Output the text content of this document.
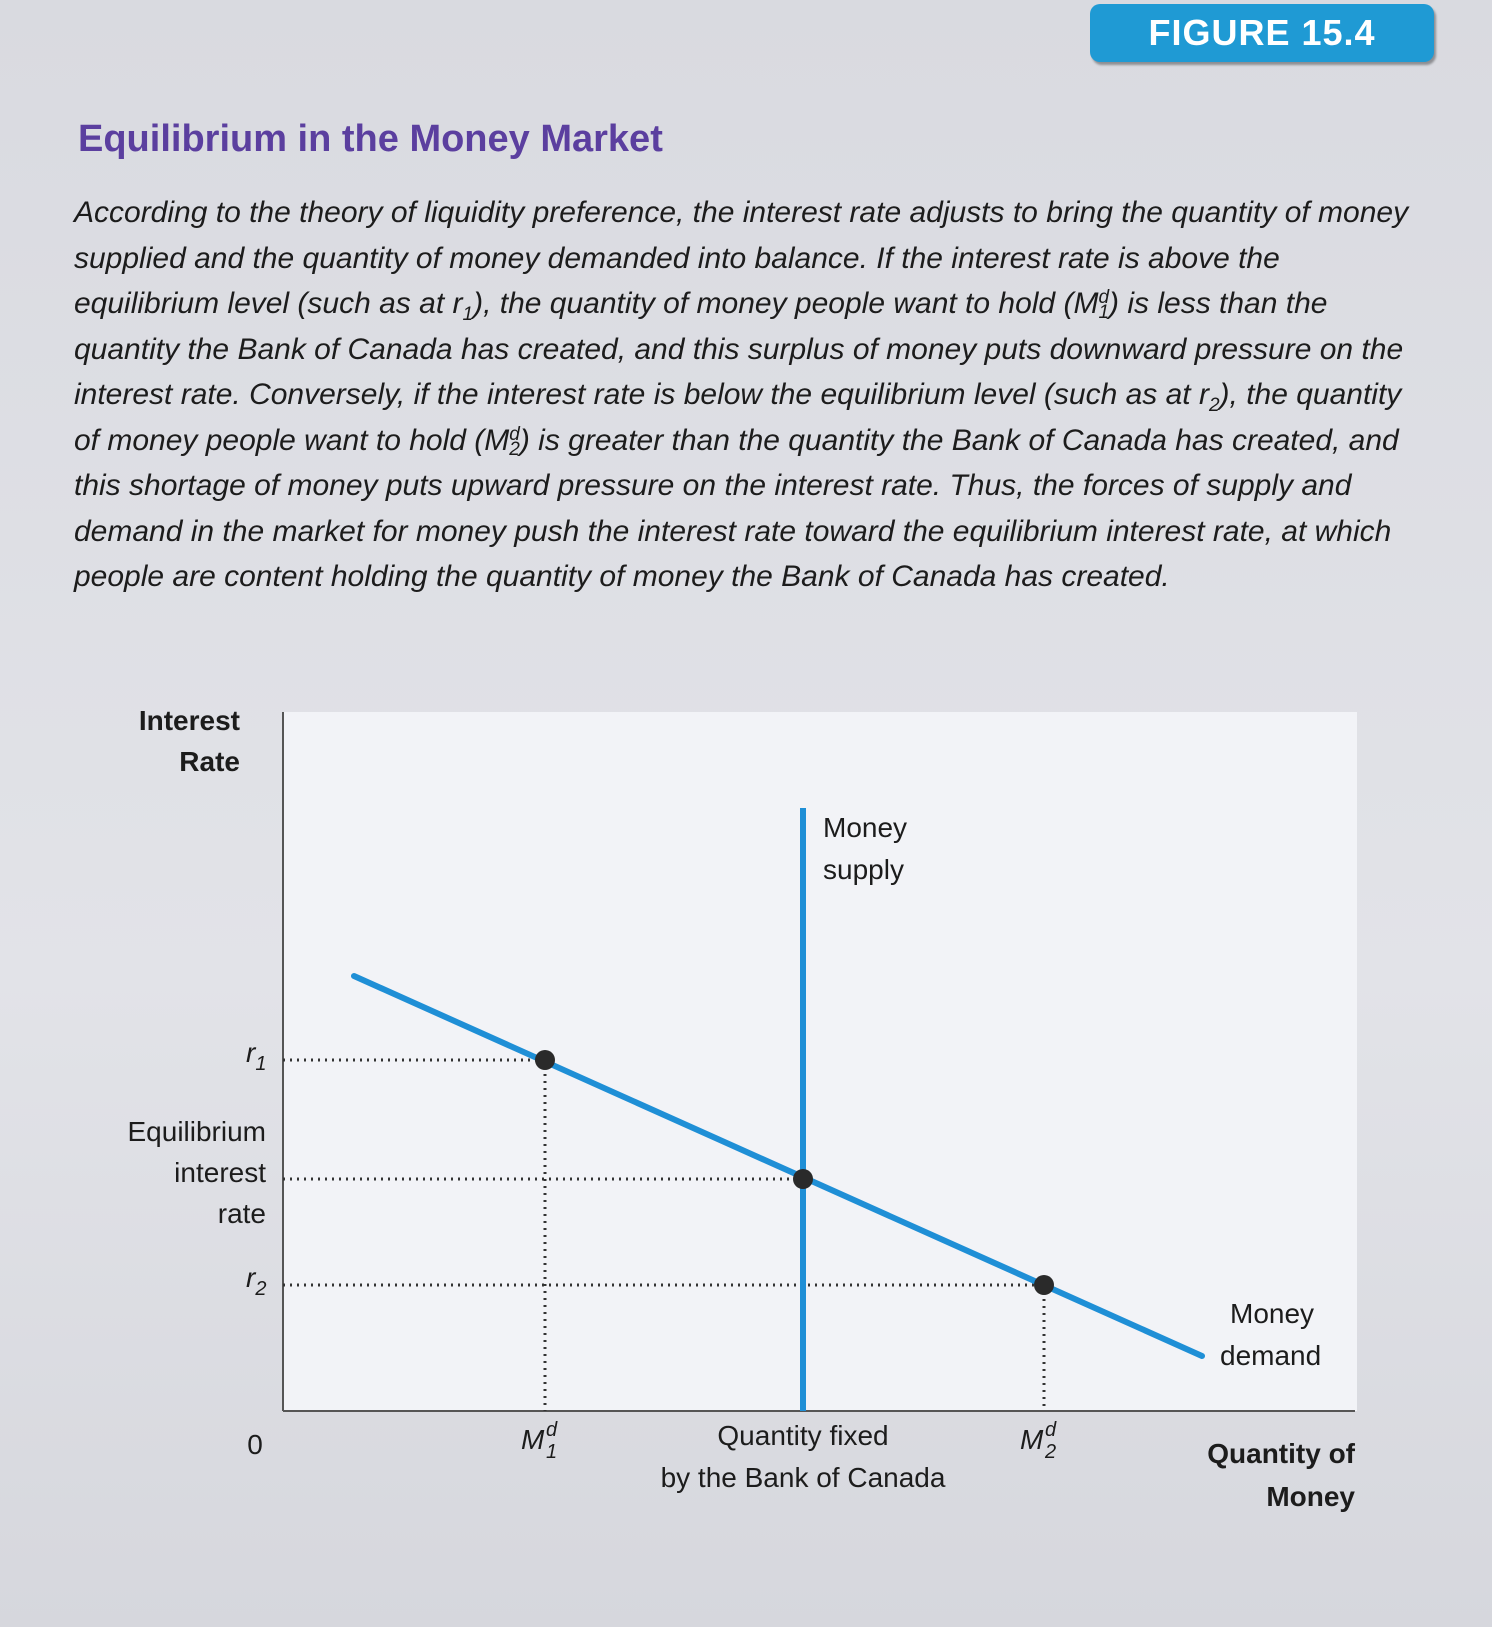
FIGURE 15.4
Equilibrium in the Money Market
According to the theory of liquidity preference, the interest rate adjusts to bring the quantity of money supplied and the quantity of money demanded into balance. If the interest rate is above the equilibrium level (such as at $r_1$), the quantity of money people want to hold (Md
1) is less than the quantity the Bank of Canada has created, and this surplus of money puts downward pressure on the interest rate. Conversely, if the interest rate is below the equilibrium level (such as at $r_2$), the quantity of money people want to hold (Md
2) is greater than the quantity the Bank of Canada has created, and this shortage of money puts upward pressure on the interest rate. Thus, the forces of supply and demand in the market for money push the interest rate toward the equilibrium interest rate, at which people are content holding the quantity of money the Bank of Canada has created.
Interest
Rate
Quantity of
Money
0
Money
supply
Money
demand
$r_1$
Equilibrium
interest
rate
$r_2$
M d
1
Quantity fixed
by the Bank of Canada
M d
2
